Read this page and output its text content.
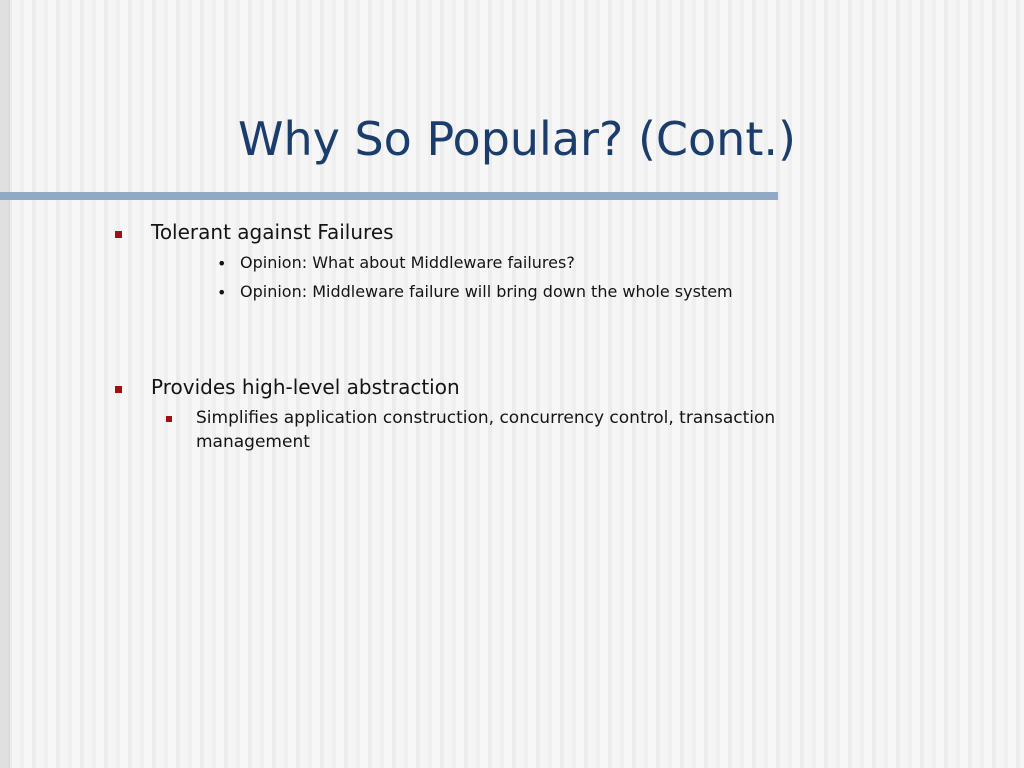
Why So Popular? (Cont.)
Tolerant against Failures
• Opinion: What about Middleware failures?
• Opinion: Middleware failure will bring down the whole system
Provides high-level abstraction
Simplifies application construction, concurrency control, transaction management
